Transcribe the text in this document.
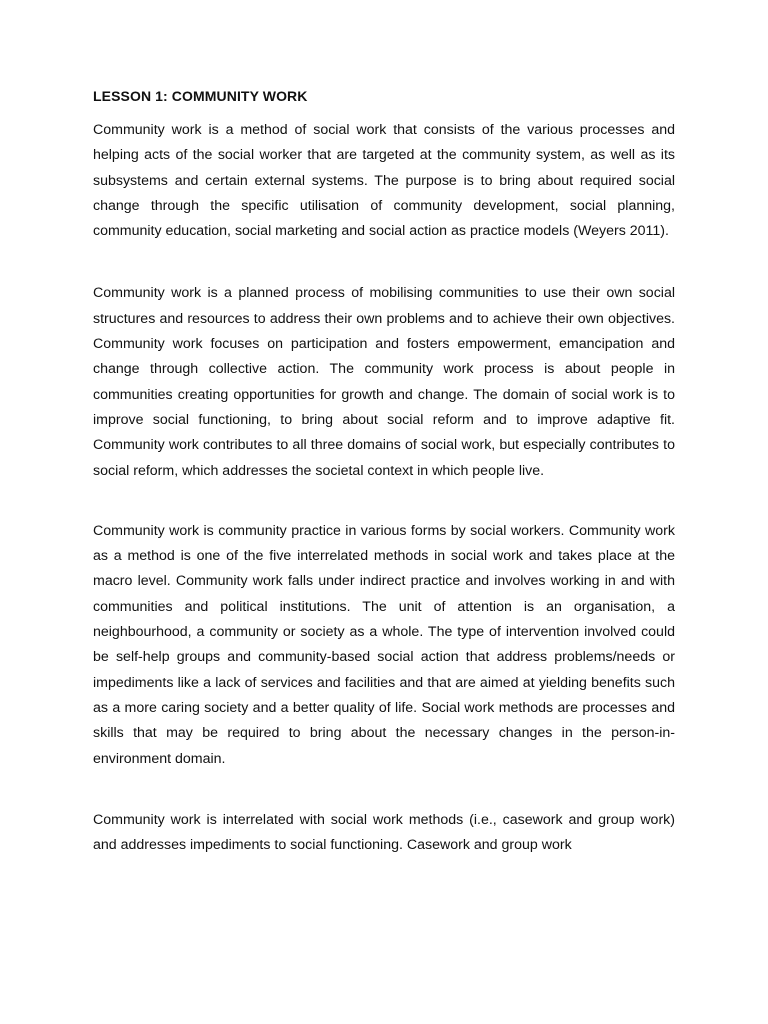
LESSON 1: COMMUNITY WORK

Community work is a method of social work that consists of the various processes and helping acts of the social worker that are targeted at the community system, as well as its subsystems and certain external systems. The purpose is to bring about required social change through the specific utilisation of community development, social planning, community education, social marketing and social action as practice models (Weyers 2011).

Community work is a planned process of mobilising communities to use their own social structures and resources to address their own problems and to achieve their own objectives. Community work focuses on participation and fosters empowerment, emancipation and change through collective action. The community work process is about people in communities creating opportunities for growth and change. The domain of social work is to improve social functioning, to bring about social reform and to improve adaptive fit. Community work contributes to all three domains of social work, but especially contributes to social reform, which addresses the societal context in which people live.

Community work is community practice in various forms by social workers. Community work as a method is one of the five interrelated methods in social work and takes place at the macro level. Community work falls under indirect practice and involves working in and with communities and political institutions. The unit of attention is an organisation, a neighbourhood, a community or society as a whole. The type of intervention involved could be self-help groups and community-based social action that address problems/needs or impediments like a lack of services and facilities and that are aimed at yielding benefits such as a more caring society and a better quality of life. Social work methods are processes and skills that may be required to bring about the necessary changes in the person-in-environment domain.

Community work is interrelated with social work methods (i.e., casework and group work) and addresses impediments to social functioning. Casework and group work
